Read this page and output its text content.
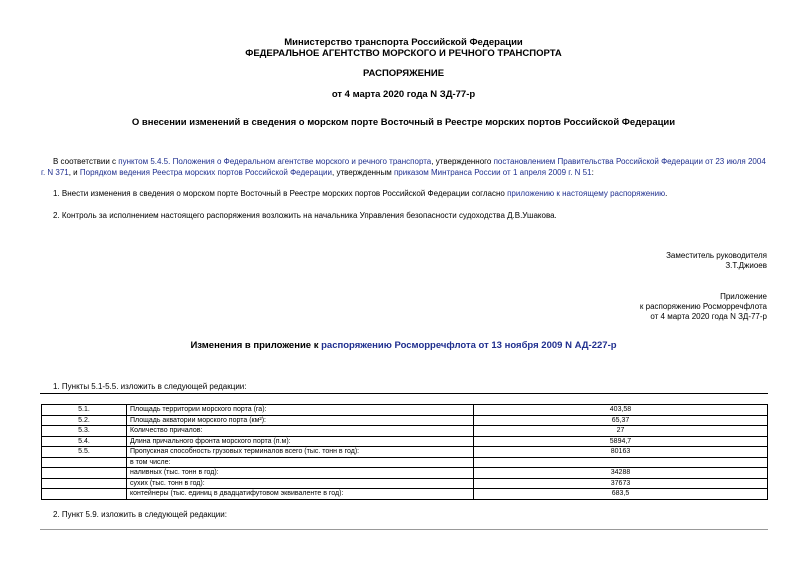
Министерство транспорта Российской Федерации
ФЕДЕРАЛЬНОЕ АГЕНТСТВО МОРСКОГО И РЕЧНОГО ТРАНСПОРТА
РАСПОРЯЖЕНИЕ
от 4 марта 2020 года N ЗД-77-р
О внесении изменений в сведения о морском порте Восточный в Реестре морских портов Российской Федерации
В соответствии с пунктом 5.4.5. Положения о Федеральном агентстве морского и речного транспорта, утвержденного постановлением Правительства Российской Федерации от 23 июля 2004 г. N 371, и Порядком ведения Реестра морских портов Российской Федерации, утвержденным приказом Минтранса России от 1 апреля 2009 г. N 51:
1. Внести изменения в сведения о морском порте Восточный в Реестре морских портов Российской Федерации согласно приложению к настоящему распоряжению.
2. Контроль за исполнением настоящего распоряжения возложить на начальника Управления безопасности судоходства Д.В.Ушакова.
Заместитель руководителя
З.Т.Джиоев
Приложение
к распоряжению Росморречфлота
от 4 марта 2020 года N ЗД-77-р
Изменения в приложение к распоряжению Росморречфлота от 13 ноября 2009 N АД-227-р
1. Пункты 5.1-5.5. изложить в следующей редакции:
5.1.	Площадь территории морского порта (га):	403,58
5.2.	Площадь акватории морского порта (км²):	65,37
5.3.	Количество причалов:	27
5.4.	Длина причального фронта морского порта (п.м):	5894,7
5.5.	Пропускная способность грузовых терминалов всего (тыс. тонн в год):	80163
	в том числе:	
	наливных (тыс. тонн в год):	34288
	сухих (тыс. тонн в год):	37673
	контейнеры (тыс. единиц в двадцатифутовом эквиваленте в год):	683,5
2. Пункт 5.9. изложить в следующей редакции:
